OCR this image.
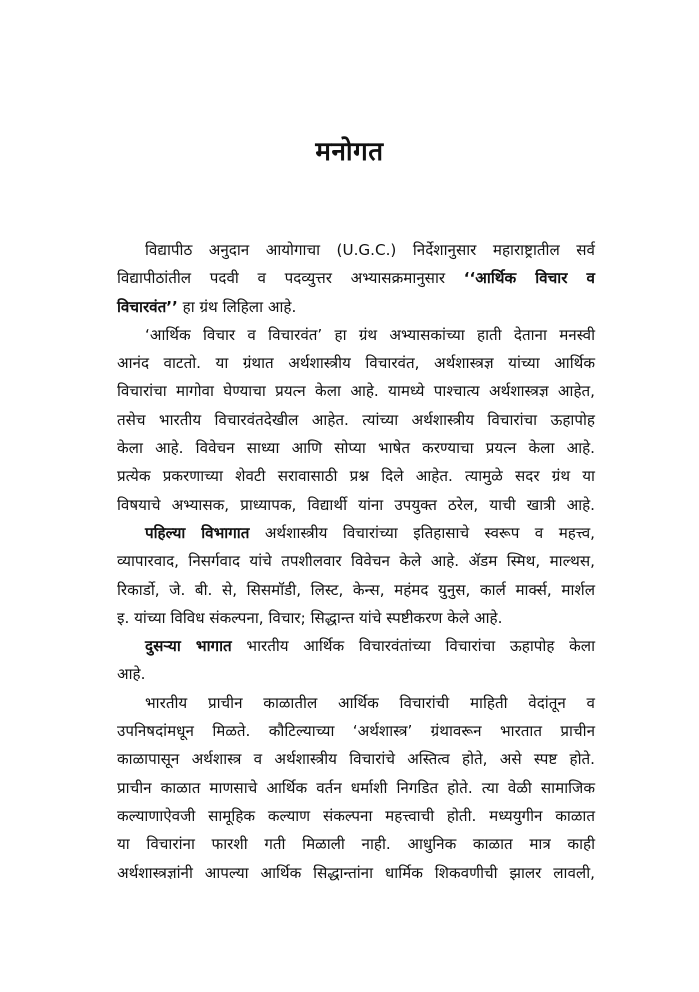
मनोगत
विद्यापीठ अनुदान आयोगाचा (U.G.C.) निर्देशानुसार महाराष्ट्रातील सर्व
विद्यापीठांतील पदवी व पदव्युत्तर अभ्यासक्रमानुसार ‘‘आर्थिक विचार व
विचारवंत’’ हा ग्रंथ लिहिला आहे.
‘आर्थिक विचार व विचारवंत’ हा ग्रंथ अभ्यासकांच्या हाती देताना मनस्वी
आनंद वाटतो. या ग्रंथात अर्थशास्त्रीय विचारवंत, अर्थशास्त्रज्ञ यांच्या आर्थिक
विचारांचा मागोवा घेण्याचा प्रयत्न केला आहे. यामध्ये पाश्चात्य अर्थशास्त्रज्ञ आहेत,
तसेच भारतीय विचारवंतदेखील आहेत. त्यांच्या अर्थशास्त्रीय विचारांचा ऊहापोह
केला आहे. विवेचन साध्या आणि सोप्या भाषेत करण्याचा प्रयत्न केला आहे.
प्रत्येक प्रकरणाच्या शेवटी सरावासाठी प्रश्न दिले आहेत. त्यामुळे सदर ग्रंथ या
विषयाचे अभ्यासक, प्राध्यापक, विद्यार्थी यांना उपयुक्त ठरेल, याची खात्री आहे.
पहिल्या विभागात अर्थशास्त्रीय विचारांच्या इतिहासाचे स्वरूप व महत्त्व,
व्यापारवाद, निसर्गवाद यांचे तपशीलवार विवेचन केले आहे. ॲडम स्मिथ, माल्थस,
रिकार्डो, जे. बी. से, सिसमॉडी, लिस्ट, केन्स, महंमद युनुस, कार्ल मार्क्स, मार्शल
इ. यांच्या विविध संकल्पना, विचार; सिद्धान्त यांचे स्पष्टीकरण केले आहे.
दुसऱ्या भागात भारतीय आर्थिक विचारवंतांच्या विचारांचा ऊहापोह केला
आहे.
भारतीय प्राचीन काळातील आर्थिक विचारांची माहिती वेदांतून व
उपनिषदांमधून मिळते. कौटिल्याच्या ‘अर्थशास्त्र’ ग्रंथावरून भारतात प्राचीन
काळापासून अर्थशास्त्र व अर्थशास्त्रीय विचारांचे अस्तित्व होते, असे स्पष्ट होते.
प्राचीन काळात माणसाचे आर्थिक वर्तन धर्माशी निगडित होते. त्या वेळी सामाजिक
कल्याणाऐवजी सामूहिक कल्याण संकल्पना महत्त्वाची होती. मध्ययुगीन काळात
या विचारांना फारशी गती मिळाली नाही. आधुनिक काळात मात्र काही
अर्थशास्त्रज्ञांनी आपल्या आर्थिक सिद्धान्तांना धार्मिक शिकवणीची झालर लावली,
